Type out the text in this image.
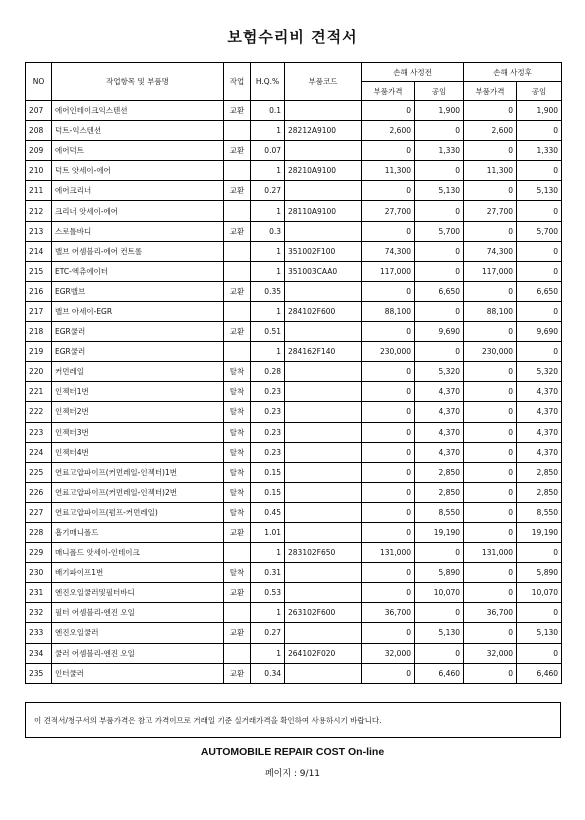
보험수리비 견적서
NO	작업항목 및 부품명	작업	H.Q.%	부품코드	손해 사정전		손해 사정후	
					부품가격	공임	부품가격	공임
207	에어인테이크익스텐션	교환	0.1		0	1,900	0	1,900
208	덕트-익스텐션		1	28212A9100	2,600	0	2,600	0
209	에어덕트	교환	0.07		0	1,330	0	1,330
210	덕트 앗세이-에어		1	28210A9100	11,300	0	11,300	0
211	에어크리너	교환	0.27		0	5,130	0	5,130
212	크리너 앗세이-에어		1	28110A9100	27,700	0	27,700	0
213	스로틀바디	교환	0.3		0	5,700	0	5,700
214	밸브 어셈블리-에어 컨트롤		1	351002F100	74,300	0	74,300	0
215	ETC-엑츄에이터		1	351003CAA0	117,000	0	117,000	0
216	EGR밸브	교환	0.35		0	6,650	0	6,650
217	밸브 아세이-EGR		1	284102F600	88,100	0	88,100	0
218	EGR쿨러	교환	0.51		0	9,690	0	9,690
219	EGR쿨러		1	284162F140	230,000	0	230,000	0
220	커먼레일	탈착	0.28		0	5,320	0	5,320
221	인젝터1번	탈착	0.23		0	4,370	0	4,370
222	인젝터2번	탈착	0.23		0	4,370	0	4,370
223	인젝터3번	탈착	0.23		0	4,370	0	4,370
224	인젝터4번	탈착	0.23		0	4,370	0	4,370
225	연료고압파이프(커먼레일-인젝터)1번	탈착	0.15		0	2,850	0	2,850
226	연료고압파이프(커먼레일-인젝터)2번	탈착	0.15		0	2,850	0	2,850
227	연료고압파이프(펌프-커먼레일)	탈착	0.45		0	8,550	0	8,550
228	흡기매니폴드	교환	1.01		0	19,190	0	19,190
229	매니폴드 앗세이-인테이크		1	283102F650	131,000	0	131,000	0
230	배기파이프1번	탈착	0.31		0	5,890	0	5,890
231	엔진오일쿨러및필터바디	교환	0.53		0	10,070	0	10,070
232	필터 어셈블리-엔진 오일		1	263102F600	36,700	0	36,700	0
233	엔진오일쿨러	교환	0.27		0	5,130	0	5,130
234	쿨러 어셈블리-엔진 오일		1	264102F020	32,000	0	32,000	0
235	인터쿨러	교환	0.34		0	6,460	0	6,460
이 견적서/청구서의 부품가격은 참고 가격이므로 거래일 기준 실거래가격을 확인하여 사용하시기 바랍니다.
AUTOMOBILE REPAIR COST On-line
페이지 : 9/11
